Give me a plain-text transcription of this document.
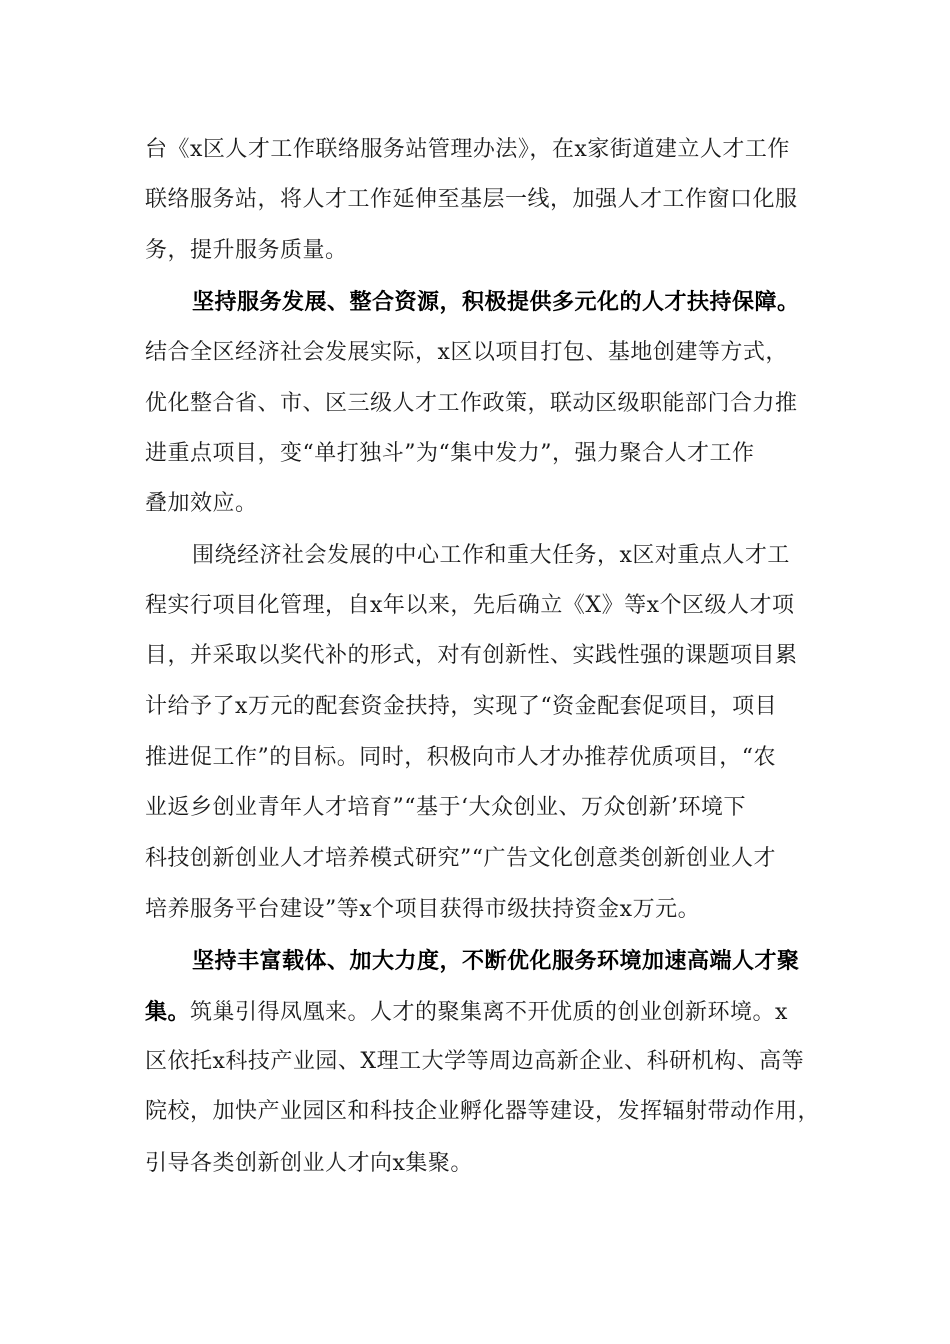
台《x区人才工作联络服务站管理办法》，在x家街道建立人才工作
联络服务站，将人才工作延伸至基层一线，加强人才工作窗口化服
务，提升服务质量。
坚持服务发展、整合资源，积极提供多元化的人才扶持保障。
结合全区经济社会发展实际，x区以项目打包、基地创建等方式，
优化整合省、市、区三级人才工作政策，联动区级职能部门合力推
进重点项目，变“单打独斗”为“集中发力”，强力聚合人才工作
叠加效应。
围绕经济社会发展的中心工作和重大任务，x区对重点人才工
程实行项目化管理，自x年以来，先后确立《X》等x个区级人才项
目，并采取以奖代补的形式，对有创新性、实践性强的课题项目累
计给予了x万元的配套资金扶持，实现了“资金配套促项目，项目
推进促工作”的目标。同时，积极向市人才办推荐优质项目，“农
业返乡创业青年人才培育”“基于‘大众创业、万众创新’环境下
科技创新创业人才培养模式研究”“广告文化创意类创新创业人才
培养服务平台建设”等x个项目获得市级扶持资金x万元。
坚持丰富载体、加大力度，不断优化服务环境加速高端人才聚
集。筑巢引得凤凰来。人才的聚集离不开优质的创业创新环境。x
区依托x科技产业园、X理工大学等周边高新企业、科研机构、高等
院校，加快产业园区和科技企业孵化器等建设，发挥辐射带动作用，
引导各类创新创业人才向x集聚。
